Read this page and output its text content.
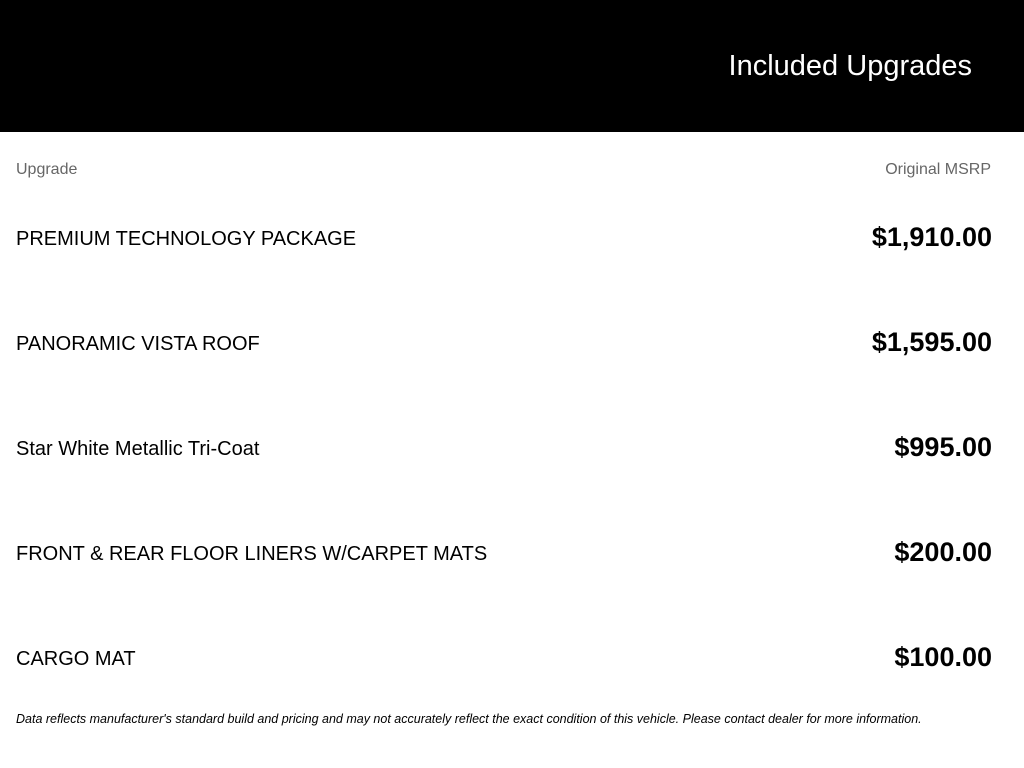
Included Upgrades
Upgrade	Original MSRP
PREMIUM TECHNOLOGY PACKAGE	$1,910.00
PANORAMIC VISTA ROOF	$1,595.00
Star White Metallic Tri-Coat	$995.00
FRONT & REAR FLOOR LINERS W/CARPET MATS	$200.00
CARGO MAT	$100.00
Data reflects manufacturer's standard build and pricing and may not accurately reflect the exact condition of this vehicle. Please contact dealer for more information.
